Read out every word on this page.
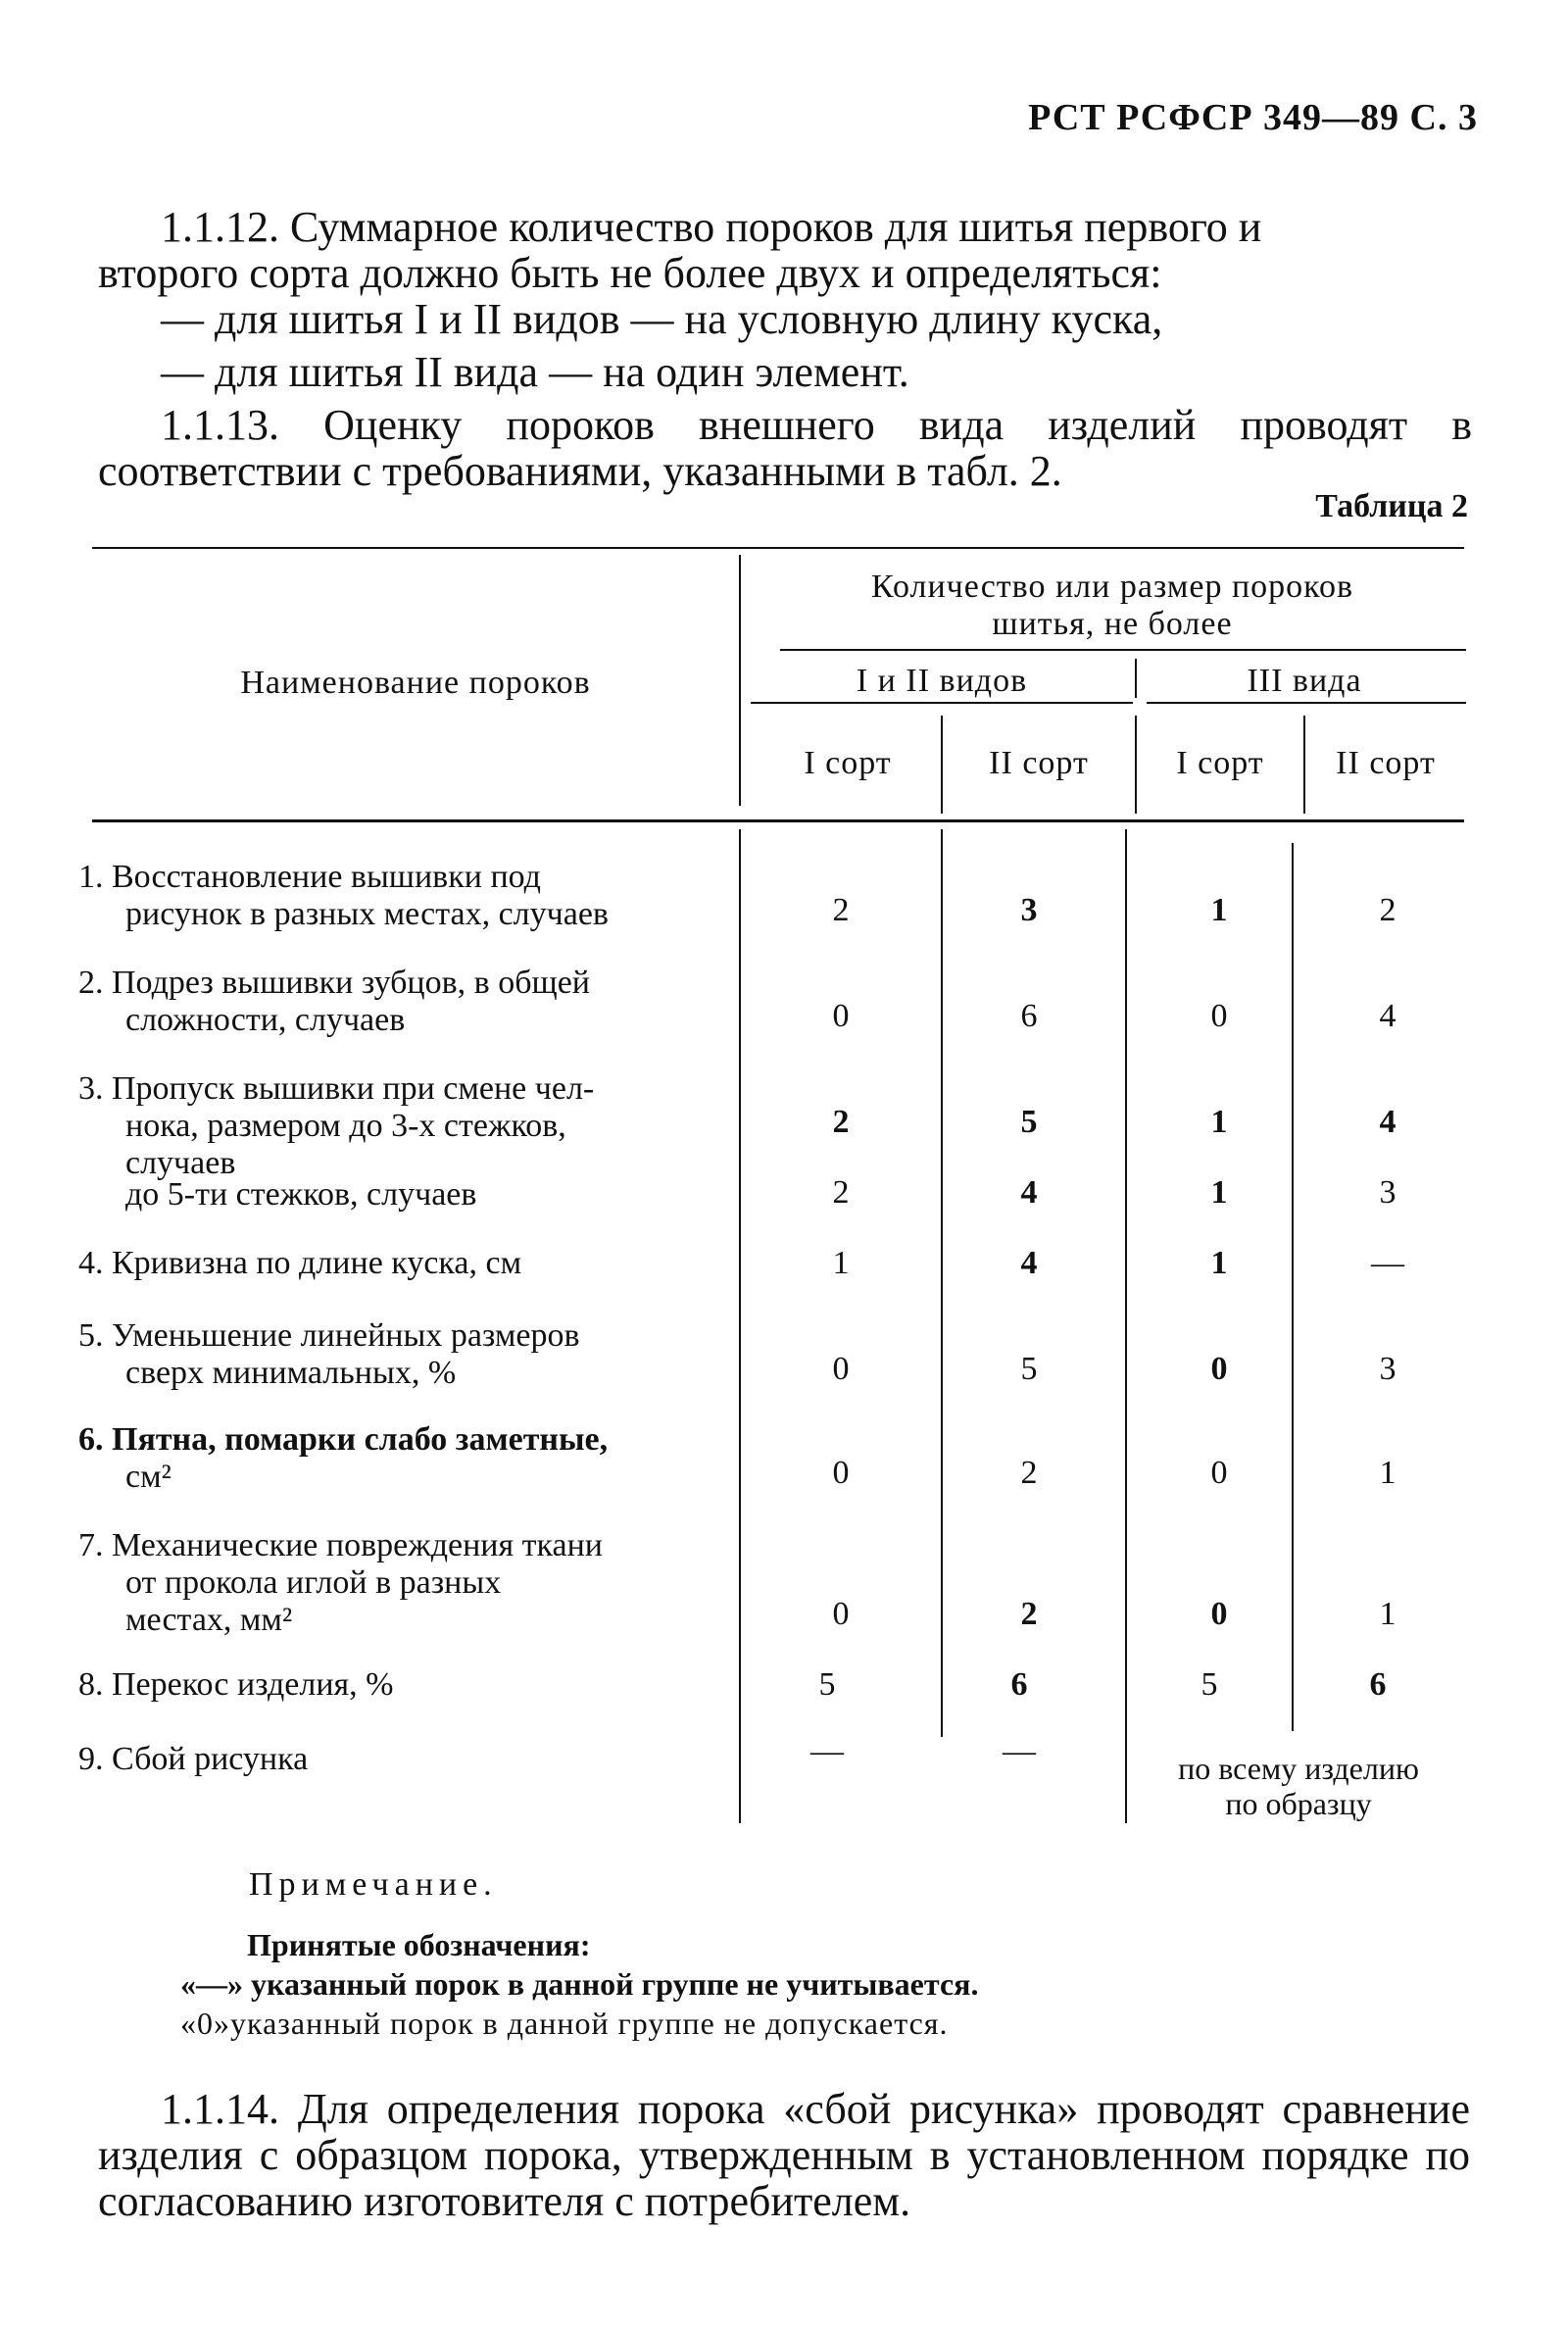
РСТ РСФСР 349—89 С. 3
1.1.12. Суммарное количество пороков для шитья первого и
второго сорта должно быть не более двух и определяться:
— для шитья I и II видов — на условную длину куска,
— для шитья II вида — на один элемент.
1.1.13. Оценку пороков внешнего вида изделий проводят в соответствии с требованиями, указанными в табл. 2.
Таблица 2
Наименование пороков
Количество или размер пороков
шитья, не более
I и II видов	III вида
I сорт	II сорт	I сорт	II сорт
1. Восстановление вышивки под
рисунок в разных местах, случаев	2	3	1	2
2. Подрез вышивки зубцов, в общей
сложности, случаев	0	6	0	4
3. Пропуск вышивки при смене чел-
нока, размером до 3-х стежков,
случаев
2	5	1	4
до 5-ти стежков, случаев	2	4	1	3
4. Кривизна по длине куска, см	1	4	1	—
5. Уменьшение линейных размеров
сверх минимальных, %	0	5	0	3
6. Пятна, помарки слабо заметные,
см²	0	2	0	1
7. Механические повреждения ткани
от прокола иглой в разных
местах, мм²	0	2	0	1
8. Перекос изделия, %	5	6	5	6
9. Сбой рисунка	—	—	по всему изделию
по образцу
Примечание.
Принятые обозначения:
«—» указанный порок в данной группе не учитывается.
«0»указанный порок в данной группе не допускается.
1.1.14. Для определения порока «сбой рисунка» проводят сравнение изделия с образцом порока, утвержденным в установленном порядке по согласованию изготовителя с потребителем.
